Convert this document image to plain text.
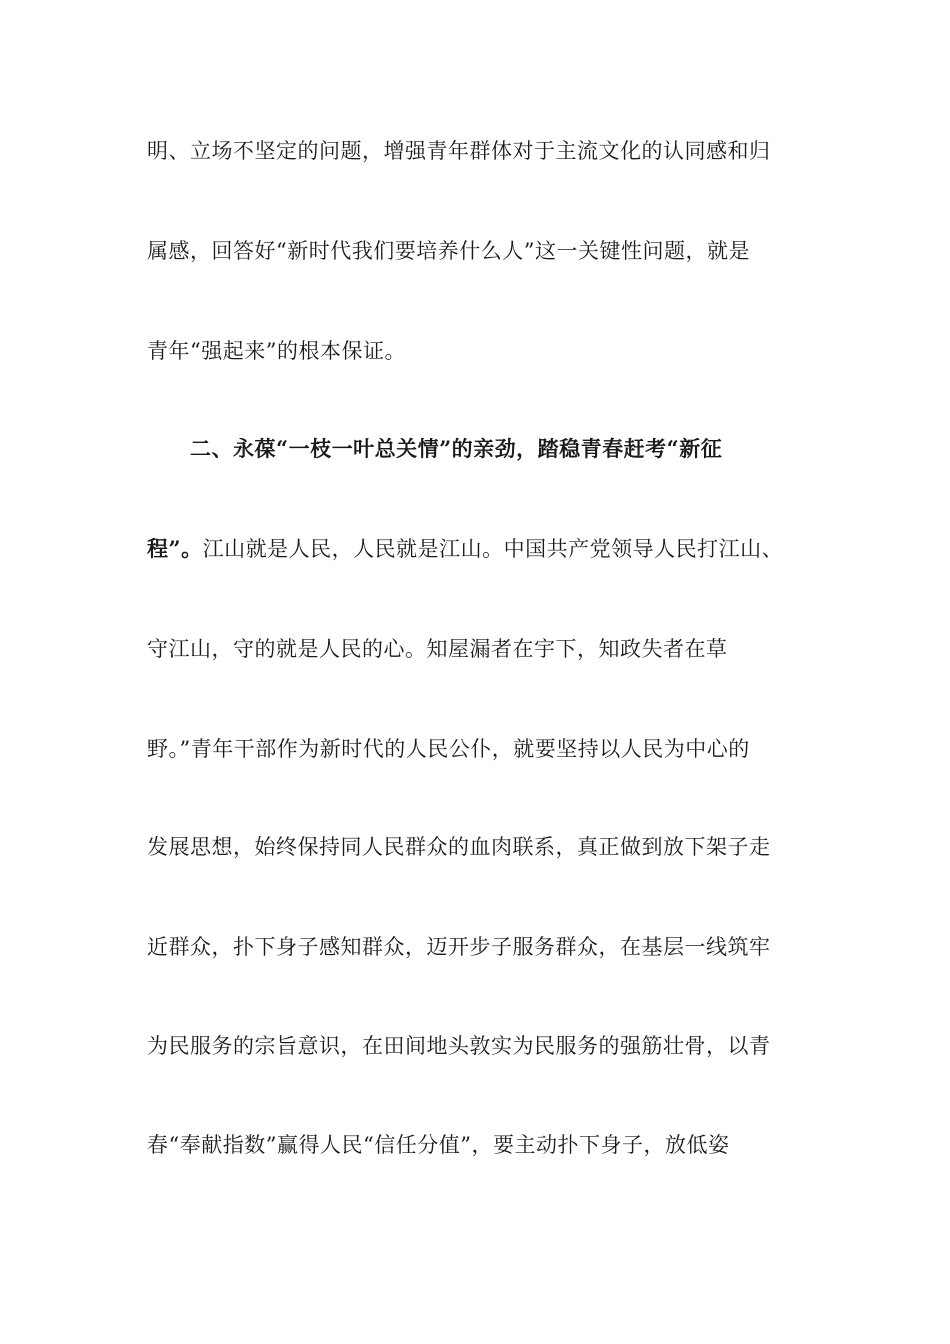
明、立场不坚定的问题，增强青年群体对于主流文化的认同感和归
属感，回答好“新时代我们要培养什么人”这一关键性问题，就是
青年“强起来”的根本保证。
二、永葆“一枝一叶总关情”的亲劲，踏稳青春赶考“新征
程”。江山就是人民，人民就是江山。中国共产党领导人民打江山、
守江山，守的就是人民的心。知屋漏者在宇下，知政失者在草
野。”青年干部作为新时代的人民公仆，就要坚持以人民为中心的
发展思想，始终保持同人民群众的血肉联系，真正做到放下架子走
近群众，扑下身子感知群众，迈开步子服务群众，在基层一线筑牢
为民服务的宗旨意识，在田间地头敦实为民服务的强筋壮骨，以青
春“奉献指数”赢得人民“信任分值”，要主动扑下身子，放低姿
